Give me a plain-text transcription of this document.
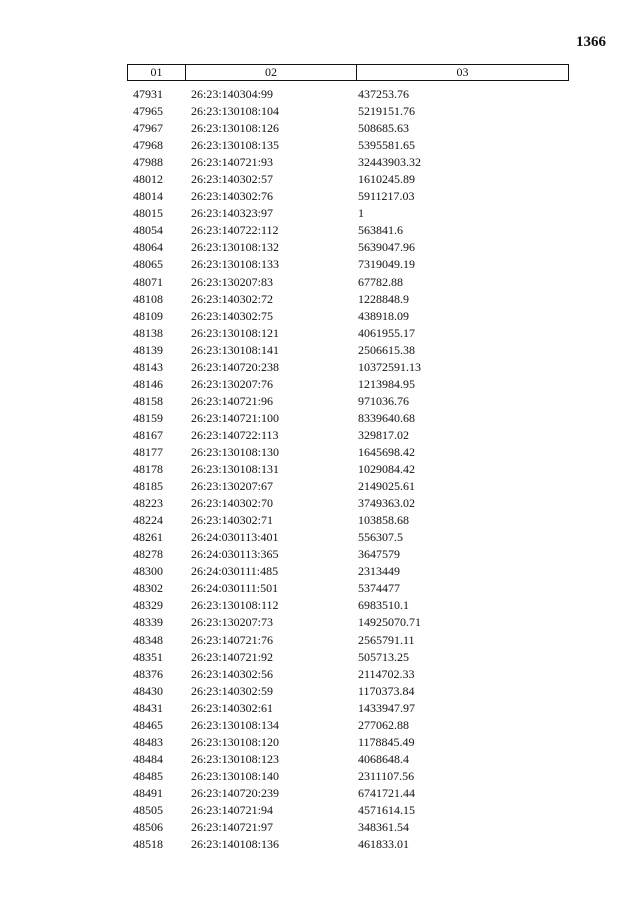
1366
01	02	03
47931 26:23:140304:99	437253.76
47965 26:23:130108:104	5219151.76
47967 26:23:130108:126	508685.63
47968 26:23:130108:135	5395581.65
47988 26:23:140721:93	32443903.32
48012 26:23:140302:57	1610245.89
48014 26:23:140302:76	5911217.03
48015 26:23:140323:97	1
48054 26:23:140722:112	563841.6
48064 26:23:130108:132	5639047.96
48065 26:23:130108:133	7319049.19
48071 26:23:130207:83	67782.88
48108 26:23:140302:72	1228848.9
48109 26:23:140302:75	438918.09
48138 26:23:130108:121	4061955.17
48139 26:23:130108:141	2506615.38
48143 26:23:140720:238	10372591.13
48146 26:23:130207:76	1213984.95
48158 26:23:140721:96	971036.76
48159 26:23:140721:100	8339640.68
48167 26:23:140722:113	329817.02
48177 26:23:130108:130	1645698.42
48178 26:23:130108:131	1029084.42
48185 26:23:130207:67	2149025.61
48223 26:23:140302:70	3749363.02
48224 26:23:140302:71	103858.68
48261 26:24:030113:401	556307.5
48278 26:24:030113:365	3647579
48300 26:24:030111:485	2313449
48302 26:24:030111:501	5374477
48329 26:23:130108:112	6983510.1
48339 26:23:130207:73	14925070.71
48348 26:23:140721:76	2565791.11
48351 26:23:140721:92	505713.25
48376 26:23:140302:56	2114702.33
48430 26:23:140302:59	1170373.84
48431 26:23:140302:61	1433947.97
48465 26:23:130108:134	277062.88
48483 26:23:130108:120	1178845.49
48484 26:23:130108:123	4068648.4
48485 26:23:130108:140	2311107.56
48491 26:23:140720:239	6741721.44
48505 26:23:140721:94	4571614.15
48506 26:23:140721:97	348361.54
48518 26:23:140108:136	461833.01
